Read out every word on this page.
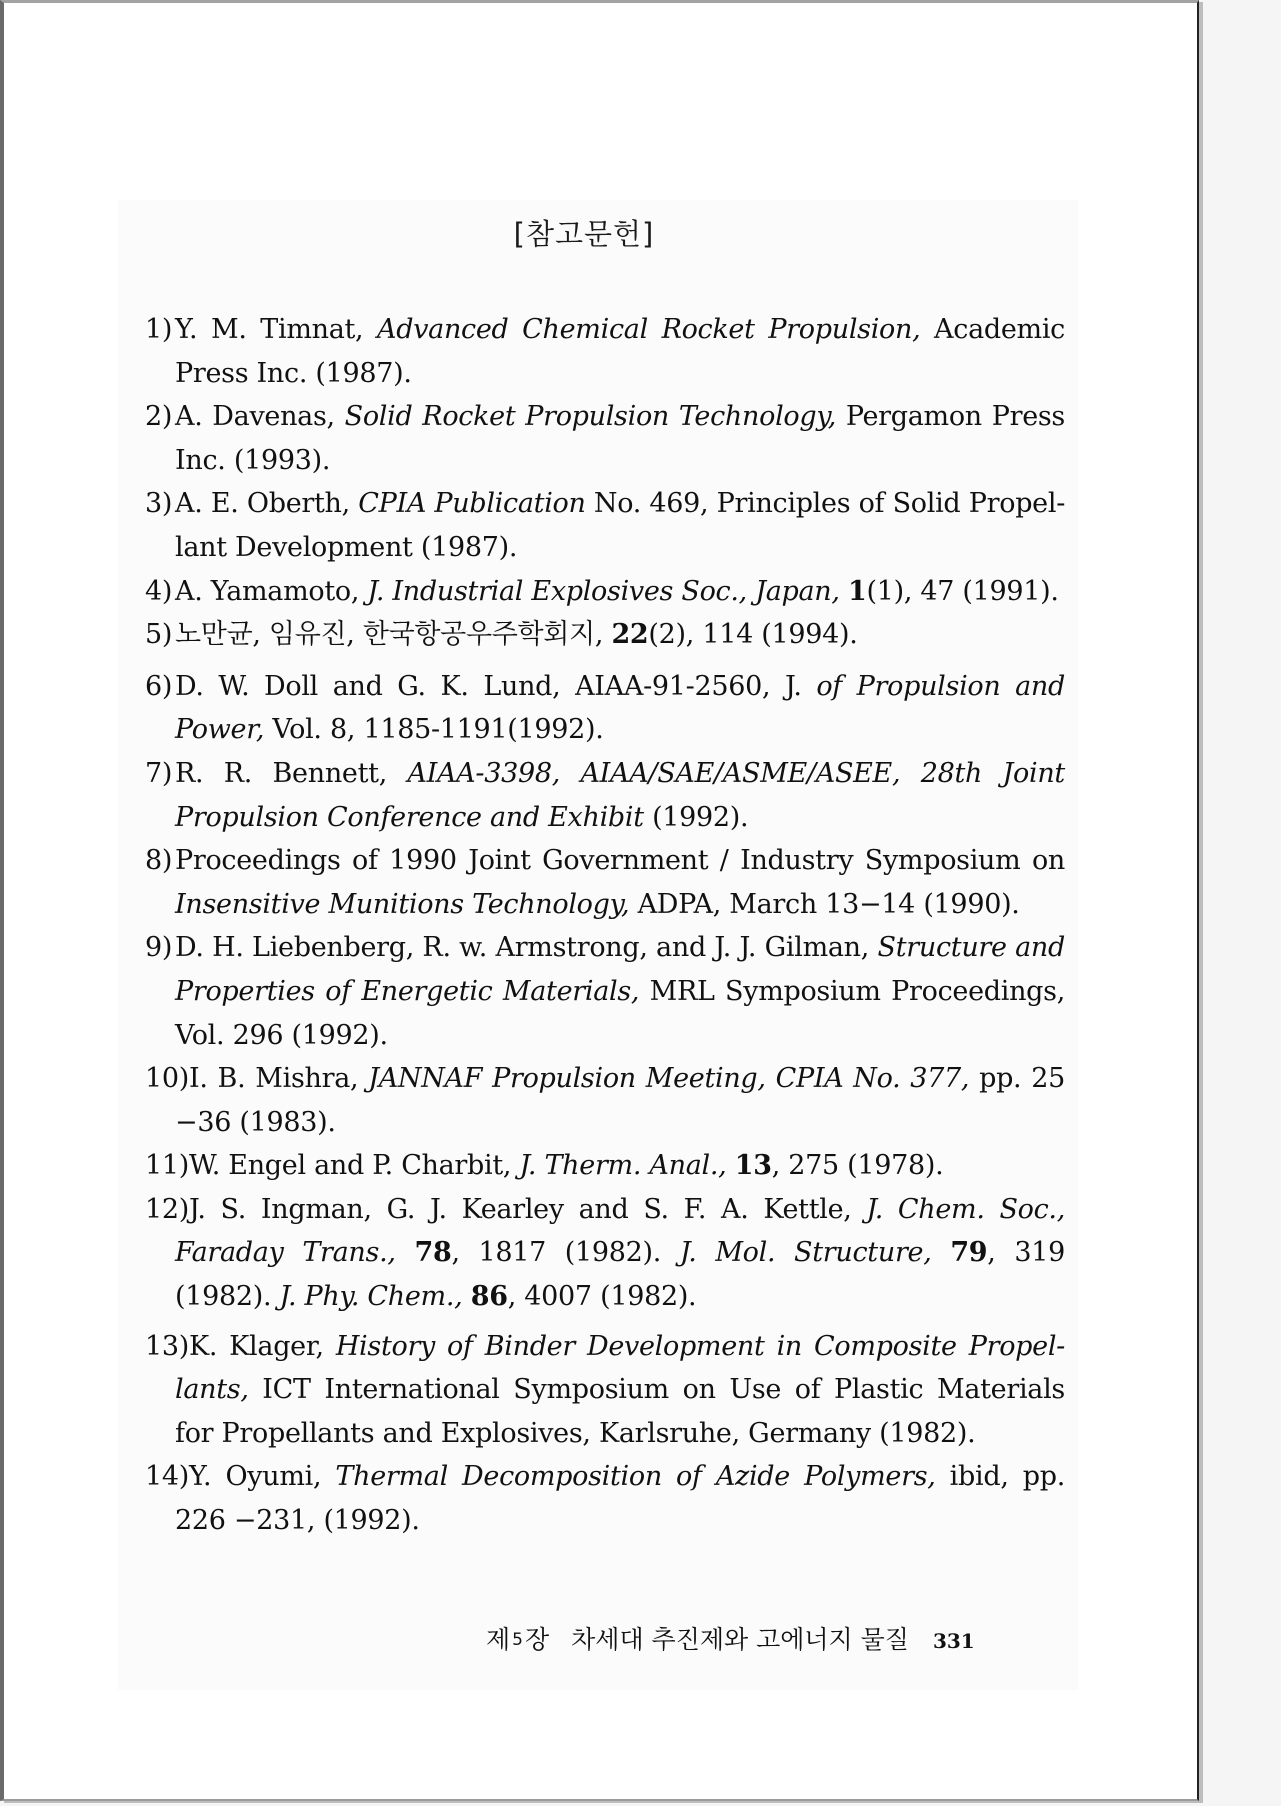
[참고문헌]
1) Y. M. Timnat, Advanced Chemical Rocket Propulsion, Academic Press Inc. (1987).
2) A. Davenas, Solid Rocket Propulsion Technology, Pergamon Press Inc. (1993).
3) A. E. Oberth, CPIA Publication No. 469, Principles of Solid Propel-lant Development (1987).
4) A. Yamamoto, J. Industrial Explosives Soc., Japan, 1(1), 47 (1991).
5) 노만균, 임유진, 한국항공우주학회지, 22(2), 114 (1994).
6) D. W. Doll and G. K. Lund, AIAA-91-2560, J. of Propulsion and Power, Vol. 8, 1185-1191(1992).
7) R. R. Bennett, AIAA-3398, AIAA/SAE/ASME/ASEE, 28th Joint Propulsion Conference and Exhibit (1992).
8) Proceedings of 1990 Joint Government / Industry Symposium on Insensitive Munitions Technology, ADPA, March 13−14 (1990).
9) D. H. Liebenberg, R. w. Armstrong, and J. J. Gilman, Structure and Properties of Energetic Materials, MRL Symposium Proceedings, Vol. 296 (1992).
10)I. B. Mishra, JANNAF Propulsion Meeting, CPIA No. 377, pp. 25 −36 (1983).
11)W. Engel and P. Charbit, J. Therm. Anal., 13, 275 (1978).
12)J. S. Ingman, G. J. Kearley and S. F. A. Kettle, J. Chem. Soc., Faraday Trans., 78, 1817 (1982). J. Mol. Structure, 79, 319 (1982). J. Phy. Chem., 86, 4007 (1982).
13)K. Klager, History of Binder Development in Composite Propel-lants, ICT International Symposium on Use of Plastic Materials for Propellants and Explosives, Karlsruhe, Germany (1982).
14)Y. Oyumi, Thermal Decomposition of Azide Polymers, ibid, pp. 226 −231, (1992).
제 5장 차세대 추진제와 고에너지 물질 331
